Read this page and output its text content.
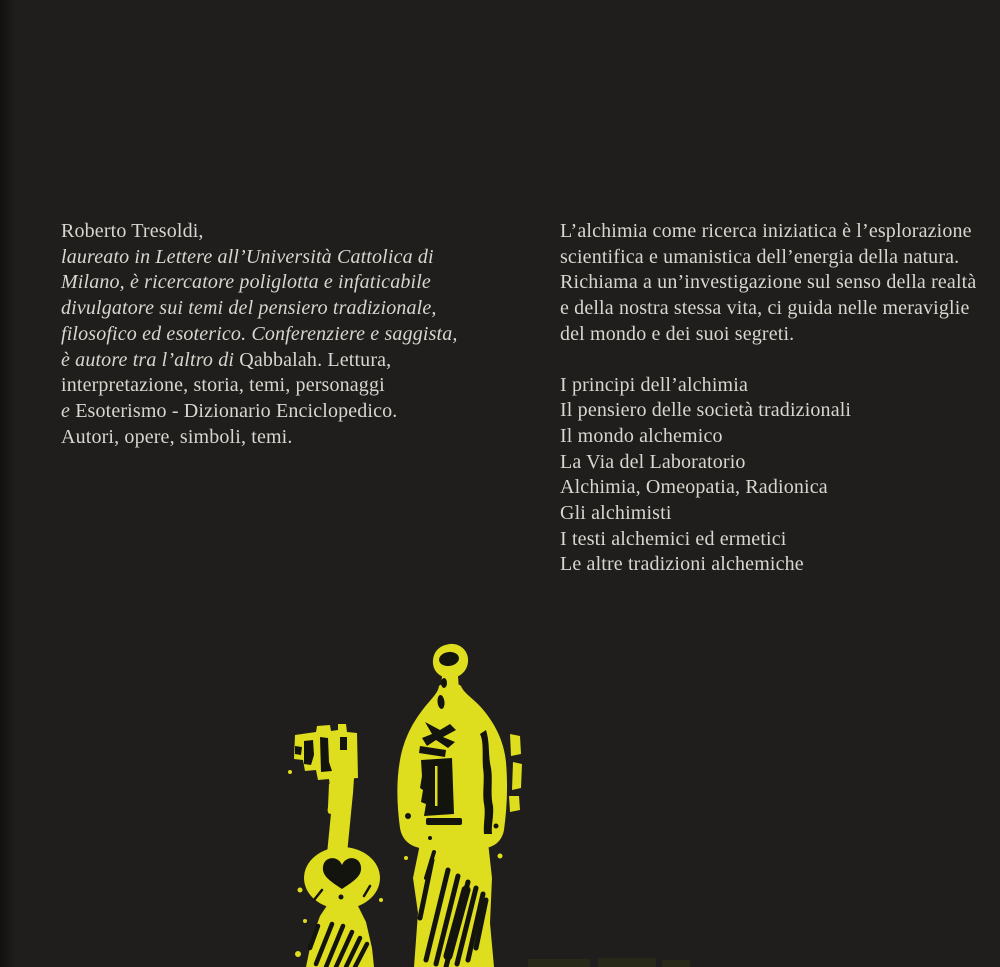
Roberto Tresoldi,

laureato in Lettere all’Università Cattolica di

Milano, è ricercatore poliglotta e infaticabile

divulgatore sui temi del pensiero tradizionale,

filosofico ed esoterico. Conferenziere e saggista,

è autore tra l’altro di Qabbalah. Lettura,

interpretazione, storia, temi, personaggi

e Esoterismo - Dizionario Enciclopedico.

Autori, opere, simboli, temi.

L’alchimia come ricerca iniziatica è l’esplorazione

scientifica e umanistica dell’energia della natura.

Richiama a un’investigazione sul senso della realtà

e della nostra stessa vita, ci guida nelle meraviglie

del mondo e dei suoi segreti.

I principi dell’alchimia

Il pensiero delle società tradizionali

Il mondo alchemico

La Via del Laboratorio

Alchimia, Omeopatia, Radionica

Gli alchimisti

I testi alchemici ed ermetici

Le altre tradizioni alchemiche
